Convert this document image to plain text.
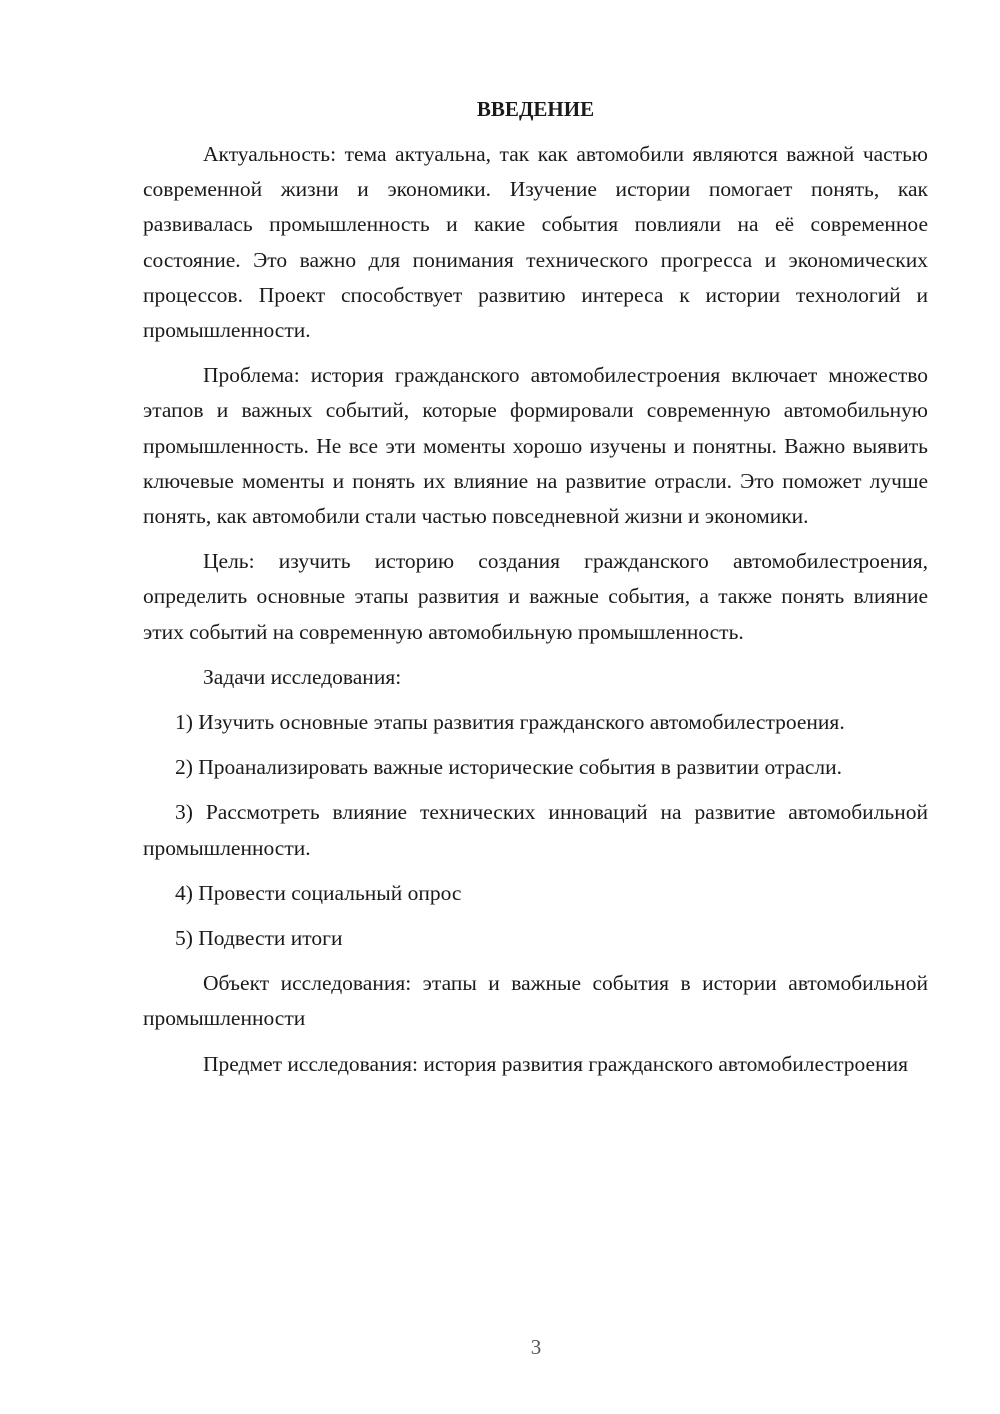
ВВЕДЕНИЕ

Актуальность: тема актуальна, так как автомобили являются важной частью современной жизни и экономики. Изучение истории помогает понять, как развивалась промышленность и какие события повлияли на её современное состояние. Это важно для понимания технического прогресса и экономических процессов. Проект способствует развитию интереса к истории технологий и промышленности.

Проблема: история гражданского автомобилестроения включает множество этапов и важных событий, которые формировали современную автомобильную промышленность. Не все эти моменты хорошо изучены и понятны. Важно выявить ключевые моменты и понять их влияние на развитие отрасли. Это поможет лучше понять, как автомобили стали частью повседневной жизни и экономики.

Цель: изучить историю создания гражданского автомобилестроения, определить основные этапы развития и важные события, а также понять влияние этих событий на современную автомобильную промышленность.

Задачи исследования:

1) Изучить основные этапы развития гражданского автомобилестроения.

2) Проанализировать важные исторические события в развитии отрасли.

3) Рассмотреть влияние технических инноваций на развитие автомобильной промышленности.

4) Провести социальный опрос

5) Подвести итоги

Объект исследования: этапы и важные события в истории автомобильной промышленности

Предмет исследования: история развития гражданского автомобилестроения

3
